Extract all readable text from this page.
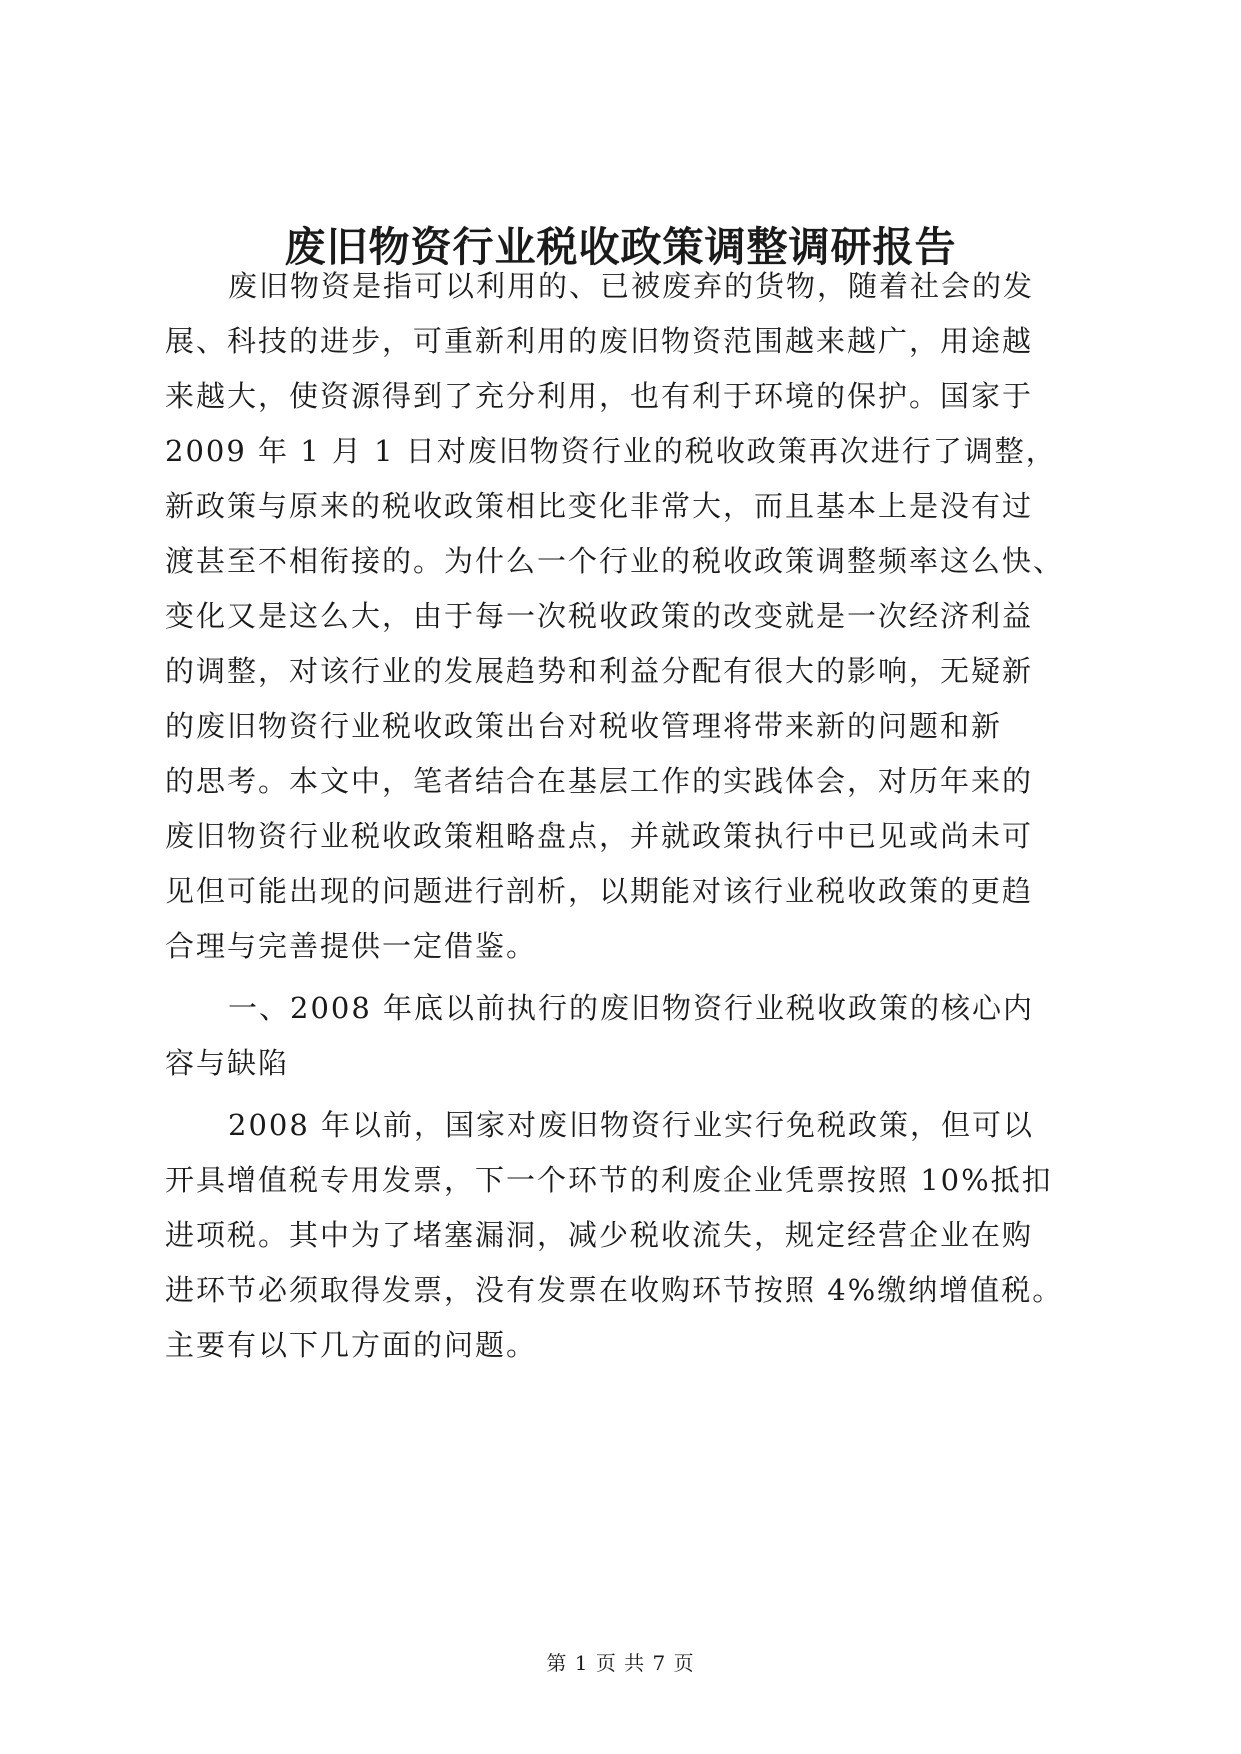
废旧物资行业税收政策调整调研报告
废旧物资是指可以利用的、已被废弃的货物，随着社会的发
展、科技的进步，可重新利用的废旧物资范围越来越广，用途越
来越大，使资源得到了充分利用，也有利于环境的保护。国家于
2009 年 1 月 1 日对废旧物资行业的税收政策再次进行了调整，
新政策与原来的税收政策相比变化非常大，而且基本上是没有过
渡甚至不相衔接的。为什么一个行业的税收政策调整频率这么快、
变化又是这么大，由于每一次税收政策的改变就是一次经济利益
的调整，对该行业的发展趋势和利益分配有很大的影响，无疑新
的废旧物资行业税收政策出台对税收管理将带来新的问题和新
的思考。本文中，笔者结合在基层工作的实践体会，对历年来的
废旧物资行业税收政策粗略盘点，并就政策执行中已见或尚未可
见但可能出现的问题进行剖析，以期能对该行业税收政策的更趋
合理与完善提供一定借鉴。
一、2008 年底以前执行的废旧物资行业税收政策的核心内
容与缺陷
2008 年以前，国家对废旧物资行业实行免税政策，但可以
开具增值税专用发票，下一个环节的利废企业凭票按照 10%抵扣
进项税。其中为了堵塞漏洞，减少税收流失，规定经营企业在购
进环节必须取得发票，没有发票在收购环节按照 4%缴纳增值税。
主要有以下几方面的问题。
第 1 页 共 7 页
